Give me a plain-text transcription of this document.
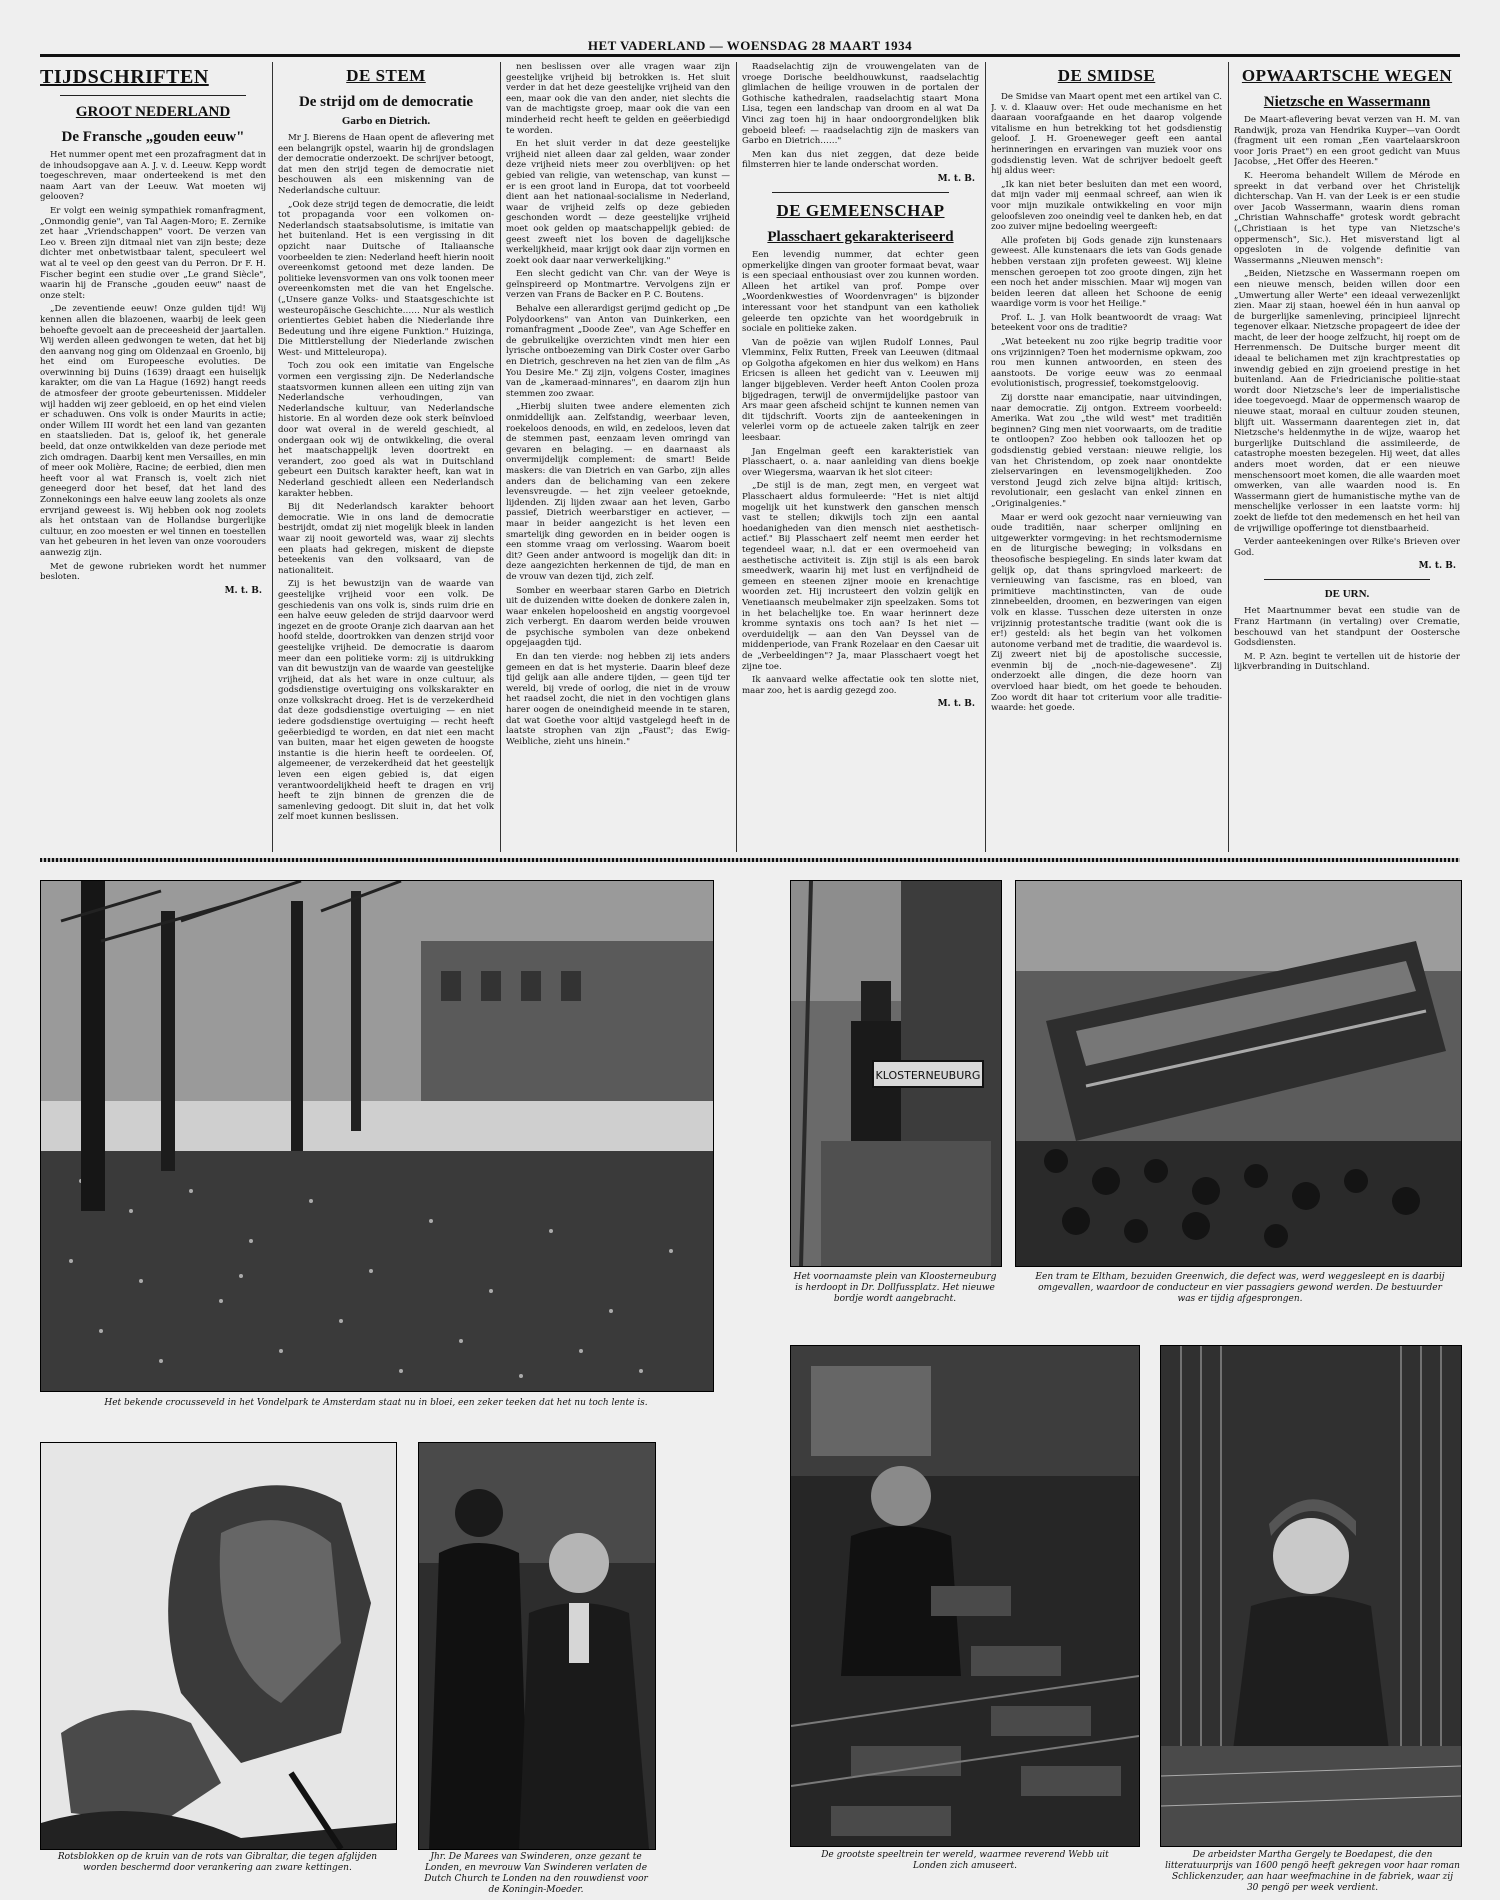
HET VADERLAND — WOENSDAG 28 MAART 1934
TIJDSCHRIFTEN
GROOT NEDERLAND
De Fransche „gouden eeuw"

Het nummer opent met een prozafragment dat in de inhoudsopgave aan A. J. v. d. Leeuw. Kepp wordt toegeschreven, maar onderteekend is met den naam Aart van der Leeuw. Wat moeten wij gelooven?

Er volgt een weinig sympathiek romanfragment, „Onmondig genie", van Tal Aagen-Moro; E. Zernike zet haar „Vriendschappen" voort. De verzen van Leo v. Breen zijn ditmaal niet van zijn beste; deze dichter met onbetwistbaar talent, speculeert wel wat al te veel op den geest van du Perron. Dr F. H. Fischer begint een studie over „Le grand Siècle", waarin hij de Fransche „gouden eeuw" naast de onze stelt:

„De zeventiende eeuw! Onze gulden tijd! Wij kennen allen die blazoenen, waarbij de leek geen behoefte gevoelt aan de preceesheid der jaartallen. Wij werden alleen gedwongen te weten, dat het bij den aanvang nog ging om Oldenzaal en Groenlo, bij het eind om Europeesche evoluties. De overwinning bij Duins (1639) draagt een huiselijk karakter, om die van La Hague (1692) hangt reeds de atmosfeer der groote gebeurtenissen. Middeler wijl hadden wij zeer gebloeid, en op het eind vielen er schaduwen. Ons volk is onder Maurits in actie; onder Willem III wordt het een land van gezanten en staatslieden. Dat is, geloof ik, het generale beeld, dat onze ontwikkelden van deze periode met zich omdragen. Daarbij kent men Versailles, en min of meer ook Molière, Racine; de eerbied, dien men heeft voor al wat Fransch is, voelt zich niet geneegerd door het besef, dat het land des Zonnekonings een halve eeuw lang zoolets als onze ervrijand geweest is. Wij hebben ook nog zoolets als het ontstaan van de Hollandse burgerlijke cultuur, en zoo moesten er wel tinnen en toestellen van het gebeuren in het leven van onze voorouders aanwezig zijn.

Met de gewone rubrieken wordt het nummer besloten.

M. t. B.
DE STEM
De strijd om de democratie
Garbo en Dietrich.

Mr J. Bierens de Haan opent de aflevering met een belangrijk opstel, waarin hij de grondslagen der democratie onderzoekt. De schrijver betoogt, dat men den strijd tegen de democratie niet beschouwen als een miskenning van de Nederlandsche cultuur.

„Ook deze strijd tegen de democratie, die leidt tot propaganda voor een volkomen on-Nederlandsch staatsabsolutisme, is imitatie van het buitenland. Het is een vergissing in dit opzicht naar Duitsche of Italiaansche voorbeelden te zien: Nederland heeft hierin nooit overeenkomst getoond met deze landen. De politieke levensvormen van ons volk toonen meer overeenkomsten met die van het Engelsche. („Unsere ganze Volks- und Staatsgeschichte ist westeuropäische Geschichte…… Nur als westlich orientiertes Gebiet haben die Niederlande ihre Bedeutung und ihre eigene Funktion." Huizinga, Die Mittlerstellung der Niederlande zwischen West- und Mitteleuropa).

Toch zou ook een imitatie van Engelsche vormen een vergissing zijn. De Nederlandsche staatsvormen kunnen alleen een uiting zijn van Nederlandsche verhoudingen, van Nederlandsche kultuur, van Nederlandsche historie. En al worden deze ook sterk beïnvloed door wat overal in de wereld geschiedt, al ondergaan ook wij de ontwikkeling, die overal het maatschappelijk leven doortrekt en verandert, zoo goed als wat in Duitschland gebeurt een Duitsch karakter heeft, kan wat in Nederland geschiedt alleen een Nederlandsch karakter hebben.

Bij dit Nederlandsch karakter behoort democratie. Wie in ons land de democratie bestrijdt, omdat zij niet mogelijk bleek in landen waar zij nooit geworteld was, waar zij slechts een plaats had gekregen, miskent de diepste beteekenis van den volksaard, van de nationaliteit.

Zij is het bewustzijn van de waarde van geestelijke vrijheid voor een volk. De geschiedenis van ons volk is, sinds ruim drie en een halve eeuw geleden de strijd daarvoor werd ingezet en de groote Oranje zich daarvan aan het hoofd stelde, doortrokken van denzen strijd voor geestelijke vrijheid. De democratie is daarom meer dan een politieke vorm: zij is uitdrukking van dit bewustzijn van de waarde van geestelijke vrijheid, dat als het ware in onze cultuur, als godsdienstige overtuiging ons volkskarakter en onze volkskracht droeg. Het is de verzekerdheid dat deze godsdienstige overtuiging — en niet iedere godsdienstige overtuiging — recht heeft geëerbiedigd te worden, en dat niet een macht van buiten, maar het eigen geweten de hoogste instantie is die hierin heeft te oordeelen. Of, algemeener, de verzekerdheid dat het geestelijk leven een eigen gebied is, dat eigen verantwoordelijkheid heeft te dragen en vrij heeft te zijn binnen de grenzen die de samenleving gedoogt. Dit sluit in, dat het volk zelf moet kunnen beslissen.

nen beslissen over alle vragen waar zijn geestelijke vrijheid bij betrokken is. Het sluit verder in dat het deze geestelijke vrijheid van den een, maar ook die van den ander, niet slechts die van de machtigste groep, maar ook die van een minderheid recht heeft te gelden en geëerbiedigd te worden.

En het sluit verder in dat deze geestelijke vrijheid niet alleen daar zal gelden, waar zonder deze vrijheid niets meer zou overblijven: op het gebied van religie, van wetenschap, van kunst — er is een groot land in Europa, dat tot voorbeeld dient aan het nationaal-socialisme in Nederland, waar de vrijheid zelfs op deze gebieden geschonden wordt — deze geestelijke vrijheid moet ook gelden op maatschappelijk gebied: de geest zweeft niet los boven de dagelijksche werkelijkheid, maar krijgt ook daar zijn vormen en zoekt ook daar naar verwerkelijking."

Een slecht gedicht van Chr. van der Weye is geïnspireerd op Montmartre. Vervolgens zijn er verzen van Frans de Backer en P. C. Boutens.

Behalve een allerardigst gerijmd gedicht op „De Polydoorkens" van Anton van Duinkerken, een romanfragment „Doode Zee", van Age Scheffer en de gebruikelijke overzichten vindt men hier een lyrische ontboezeming van Dirk Coster over Garbo en Dietrich, geschreven na het zien van de film „As You Desire Me." Zij zijn, volgens Coster, imagines van de „kameraad-minnares", en daarom zijn hun stemmen zoo zwaar.

„Hierbij sluiten twee andere elementen zich onmiddellijk aan. Zelfstandig, weerbaar leven, roekeloos denoods, en wild, en zedeloos, leven dat de stemmen past, eenzaam leven omringd van gevaren en belaging. — en daarnaast als onvermijdelijk complement: de smart! Beide maskers: die van Dietrich en van Garbo, zijn alles anders dan de belichaming van een zekere levensvreugde. — het zijn veeleer getoeknde, lijdenden. Zij lijden zwaar aan het leven, Garbo passief, Dietrich weerbarstiger en actiever, — maar in beider aangezicht is het leven een smartelijk ding geworden en in beider oogen is een stomme vraag om verlossing. Waarom boeit dit? Geen ander antwoord is mogelijk dan dit: in deze aangezichten herkennen de tijd, de man en de vrouw van dezen tijd, zich zelf.

Somber en weerbaar staren Garbo en Dietrich uit de duizenden witte doeken de donkere zalen in, waar enkelen hopeloosheid en angstig voorgevoel zich verbergt. En daarom werden beide vrouwen de psychische symbolen van deze onbekend opgejaagden tijd.

En dan ten vierde: nog hebben zij iets anders gemeen en dat is het mysterie. Daarin bleef deze tijd gelijk aan alle andere tijden, — geen tijd ter wereld, bij vrede of oorlog, die niet in de vrouw het raadsel zocht, die niet in den vochtigen glans harer oogen de oneindigheid meende in te staren, dat wat Goethe voor altijd vastgelegd heeft in de laatste strophen van zijn „Faust"; das Ewig-Weibliche, zieht uns hinein."

Raadselachtig zijn de vrouwengelaten van de vroege Dorische beeldhouwkunst, raadselachtig glimlachen de heilige vrouwen in de portalen der Gothische kathedralen, raadselachtig staart Mona Lisa, tegen een landschap van droom en al wat Da Vinci zag toen hij in haar ondoorgrondelijken blik geboeid bleef: — raadselachtig zijn de maskers van Garbo en Dietrich……"

Men kan dus niet zeggen, dat deze beide filmsterren hier te lande onderschat worden.

M. t. B.
DE GEMEENSCHAP
Plasschaert gekarakteriseerd

Een levendig nummer, dat echter geen opmerkelijke dingen van grooter formaat bevat, waar is een speciaal enthousiast over zou kunnen worden. Alleen het artikel van prof. Pompe over „Woordenkwesties of Woordenvragen" is bijzonder interessant voor het standpunt van een katholiek geleerde ten opzichte van het woordgebruik in sociale en politieke zaken.

Van de poëzie van wijlen Rudolf Lonnes, Paul Vlemminx, Felix Rutten, Freek van Leeuwen (ditmaal op Golgotha afgekomen en hier dus welkom) en Hans Ericsen is alleen het gedicht van v. Leeuwen mij langer bijgebleven. Verder heeft Anton Coolen proza bijgedragen, terwijl de onvermijdelijke pastoor van Ars maar geen afscheid schijnt te kunnen nemen van dit tijdschrift. Voorts zijn de aanteekeningen in velerlei vorm op de actueele zaken talrijk en zeer leesbaar.

Jan Engelman geeft een karakteristiek van Plasschaert, o. a. naar aanleiding van diens boekje over Wiegersma, waarvan ik het slot citeer:

„De stijl is de man, zegt men, en vergeet wat Plasschaert aldus formuleerde: "Het is niet altijd mogelijk uit het kunstwerk den ganschen mensch vast te stellen; dikwijls toch zijn een aantal hoedanigheden van dien mensch niet aesthetisch-actief." Bij Plasschaert zelf neemt men eerder het tegendeel waar, n.l. dat er een overmoeheid van aesthetische activiteit is. Zijn stijl is als een barok smeedwerk, waarin hij met lust en verfijndheid de gemeen en steenen zijner mooie en krenachtige woorden zet. Hij incrusteert den volzin gelijk en Venetiaansch meubelmaker zijn speelzaken. Soms tot in het belachelijke toe. En waar herinnert deze kromme syntaxis ons toch aan? Is het niet — overduidelijk — aan den Van Deyssel van de middenperiode, van Frank Rozelaar en den Caesar uit de „Verbeeldingen"? Ja, maar Plasschaert voegt het zijne toe.

Ik aanvaard welke affectatie ook ten slotte niet, maar zoo, het is aardig gezegd zoo.

M. t. B.
DE SMIDSE

De Smidse van Maart opent met een artikel van C. J. v. d. Klaauw over: Het oude mechanisme en het daaraan voorafgaande en het daarop volgende vitalisme en hun betrekking tot het godsdienstig geloof. J. H. Groeneweger geeft een aantal herinneringen en ervaringen van muziek voor ons godsdienstig leven. Wat de schrijver bedoelt geeft hij aldus weer:

„Ik kan niet beter besluiten dan met een woord, dat mijn vader mij eenmaal schreef, aan wien ik voor mijn muzikale ontwikkeling en voor mijn geloofsleven zoo oneindig veel te danken heb, en dat zoo zuiver mijne bedoeling weergeeft:

Alle profeten bij Gods genade zijn kunstenaars geweest. Alle kunstenaars die iets van Gods genade hebben verstaan zijn profeten geweest. Wij kleine menschen geroepen tot zoo groote dingen, zijn het een noch het ander misschien. Maar wij mogen van beiden leeren dat alleen het Schoone de eenig waardige vorm is voor het Heilige."

Prof. L. J. van Holk beantwoordt de vraag: Wat beteekent voor ons de traditie?

„Wat beteekent nu zoo rijke begrip traditie voor ons vrijzinnigen? Toen het modernisme opkwam, zoo rou men kunnen antwoorden, en steen des aanstoots. De vorige eeuw was zo eenmaal evolutionistisch, progressief, toekomstgeloovig.

Zij dorstte naar emancipatie, naar uitvindingen, naar democratie. Zij ontgon. Extreem voorbeeld: Amerika. Wat zou „the wild west" met traditiën beginnen? Ging men niet voorwaarts, om de traditie te ontloopen? Zoo hebben ook talloozen het op godsdienstig gebied verstaan: nieuwe religie, los van het Christendom, op zoek naar onontdekte zielservaringen en levensmogelijkheden. Zoo verstond Jeugd zich zelve bijna altijd: kritisch, revolutionair, een geslacht van enkel zinnen en „Originalgenies."

Maar er werd ook gezocht naar vernieuwing van oude traditiën, naar scherper omlijning en uitgewerkter vormgeving: in het rechtsmodernisme en de liturgische beweging; in volksdans en theosofische bespiegeling. En sinds later kwam dat gelijk op, dat thans springvloed markeert: de vernieuwing van fascisme, ras en bloed, van primitieve machtinstincten, van de oude zinnebeelden, droomen, en bezweringen van eigen volk en klasse. Tusschen deze uitersten in onze vrijzinnig protestantsche traditie (want ook die is er!) gesteld: als het begin van het volkomen autonome verband met de traditie, die waardevol is. Zij zweert niet bij de apostolische successie, evenmin bij de „noch-nie-dagewesene". Zij onderzoekt alle dingen, die deze hoorn van overvloed haar biedt, om het goede te behouden. Zoo wordt dit haar tot criterium voor alle traditie-waarde: het goede.

OPWAARTSCHE WEGEN
Nietzsche en Wassermann

De Maart-aflevering bevat verzen van H. M. van Randwijk, proza van Hendrika Kuyper—van Oordt (fragment uit een roman „Een vaartelaarskroon voor Joris Praet") en een groot gedicht van Muus Jacobse, „Het Offer des Heeren."

K. Heeroma behandelt Willem de Mérode en spreekt in dat verband over het Christelijk dichterschap. Van H. van der Leek is er een studie over Jacob Wassermann, waarin diens roman „Christian Wahnschaffe" grotesk wordt gebracht („Christiaan is het type van Nietzsche's oppermensch", Sic.). Het misverstand ligt al opgesloten in de volgende definitie van Wassermanns „Nieuwen mensch":

„Beiden, Nietzsche en Wassermann roepen om een nieuwe mensch, beiden willen door een „Umwertung aller Werte" een ideaal verwezenlijkt zien. Maar zij staan, hoewel één in hun aanval op de burgerlijke samenleving, principieel lijnrecht tegenover elkaar. Nietzsche propageert de idee der macht, de leer der hooge zelfzucht, hij roept om de Herrenmensch. De Duitsche burger meent dit ideaal te belichamen met zijn krachtprestaties op inwendig gebied en zijn groeiend prestige in het buitenland. Aan de Friedricianische politie-staat wordt door Nietzsche's leer de imperialistische idee toegevoegd. Maar de oppermensch waarop de nieuwe staat, moraal en cultuur zouden steunen, blijft uit. Wassermann daarentegen ziet in, dat Nietzsche's heldenmythe in de wijze, waarop het burgerlijke Duitschland die assimileerde, de catastrophe moesten bezegelen. Hij weet, dat alles anders moet worden, dat er een nieuwe menschensoort moet komen, die alle waarden moet omwerken, van alle waarden nood is. En Wassermann giert de humanistische mythe van de menschelijke verlosser in een laatste vorm: hij zoekt de liefde tot den medemensch en het heil van de vrijwillige opofferinge tot dienstbaarheid.

Verder aanteekeningen over Rilke's Brieven over God.

M. t. B.
DE URN.

Het Maartnummer bevat een studie van de Franz Hartmann (in vertaling) over Crematie, beschouwd van het standpunt der Oostersche Godsdiensten.

M. P. Azn. begint te vertellen uit de historie der lijkverbranding in Duitschland.

Het bekende crocusseveld in het Vondelpark te Amsterdam staat nu in bloei, een zeker teeken dat het nu toch lente is.
KLOSTERNEUBURG
Het voornaamste plein van Kloosterneuburg is herdoopt in Dr. Dollfussplatz. Het nieuwe bordje wordt aangebracht.
Een tram te Eltham, bezuiden Greenwich, die defect was, werd weggesleept en is daarbij omgevallen, waardoor de conducteur en vier passagiers gewond werden. De bestuurder was er tijdig afgesprongen.
Rotsblokken op de kruin van de rots van Gibraltar, die tegen afglijden worden beschermd door verankering aan zware kettingen.
Jhr. De Marees van Swinderen, onze gezant te Londen, en mevrouw Van Swinderen verlaten de Dutch Church te Londen na den rouwdienst voor de Koningin-Moeder.
De grootste speeltrein ter wereld, waarmee reverend Webb uit Londen zich amuseert.
De arbeidster Martha Gergely te Boedapest, die den litteratuurprijs van 1600 pengö heeft gekregen voor haar roman Schlickenzuder, aan haar weefmachine in de fabriek, waar zij 30 pengö per week verdient.
